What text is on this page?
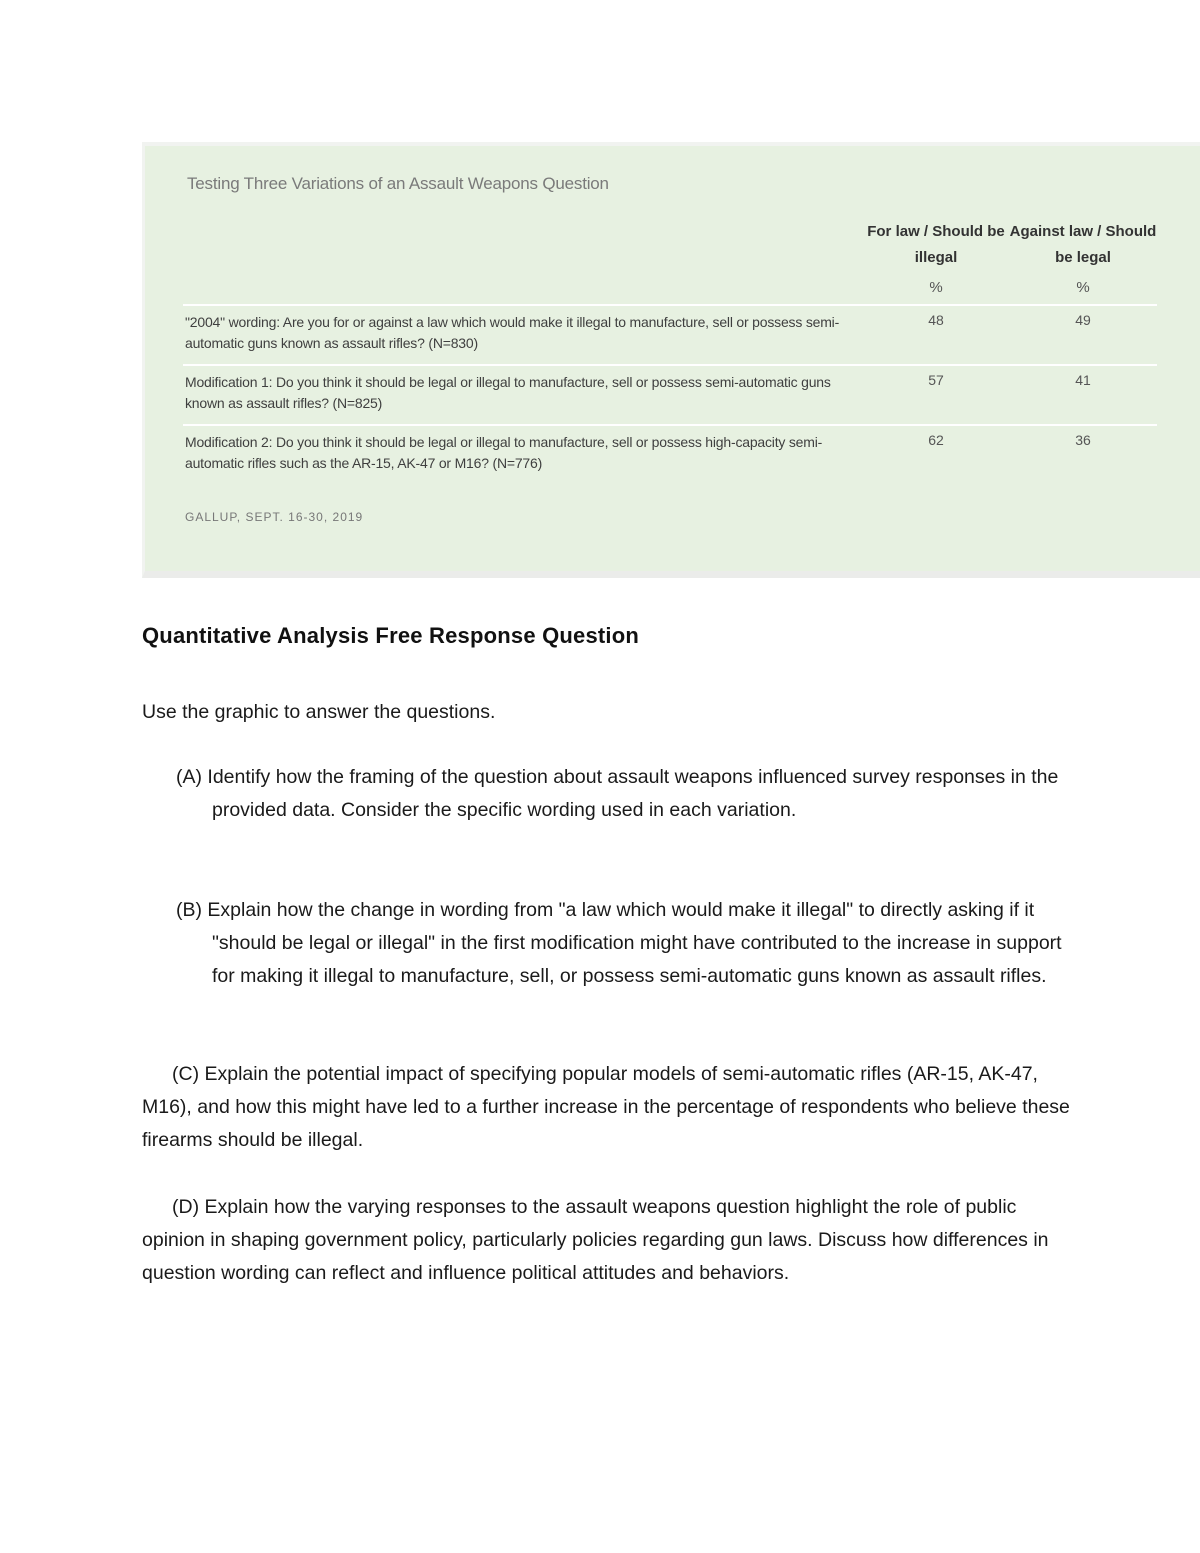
Testing Three Variations of an Assault Weapons Question
For law / Should be illegal
Against law / Should be legal
%	%
"2004" wording: Are you for or against a law which would make it illegal to manufacture, sell or possess semi-automatic guns known as assault rifles? (N=830)
48	49
Modification 1: Do you think it should be legal or illegal to manufacture, sell or possess semi-automatic guns known as assault rifles? (N=825)
57	41
Modification 2: Do you think it should be legal or illegal to manufacture, sell or possess high-capacity semi-automatic rifles such as the AR-15, AK-47 or M16? (N=776)
62	36
GALLUP, SEPT. 16-30, 2019
Quantitative Analysis Free Response Question

Use the graphic to answer the questions.

(A) Identify how the framing of the question about assault weapons influenced survey responses in the provided data. Consider the specific wording used in each variation.

(B) Explain how the change in wording from "a law which would make it illegal" to directly asking if it "should be legal or illegal" in the first modification might have contributed to the increase in support for making it illegal to manufacture, sell, or possess semi-automatic guns known as assault rifles.

(C) Explain the potential impact of specifying popular models of semi-automatic rifles (AR-15, AK-47, M16), and how this might have led to a further increase in the percentage of respondents who believe these firearms should be illegal.

(D) Explain how the varying responses to the assault weapons question highlight the role of public opinion in shaping government policy, particularly policies regarding gun laws. Discuss how differences in question wording can reflect and influence political attitudes and behaviors.
